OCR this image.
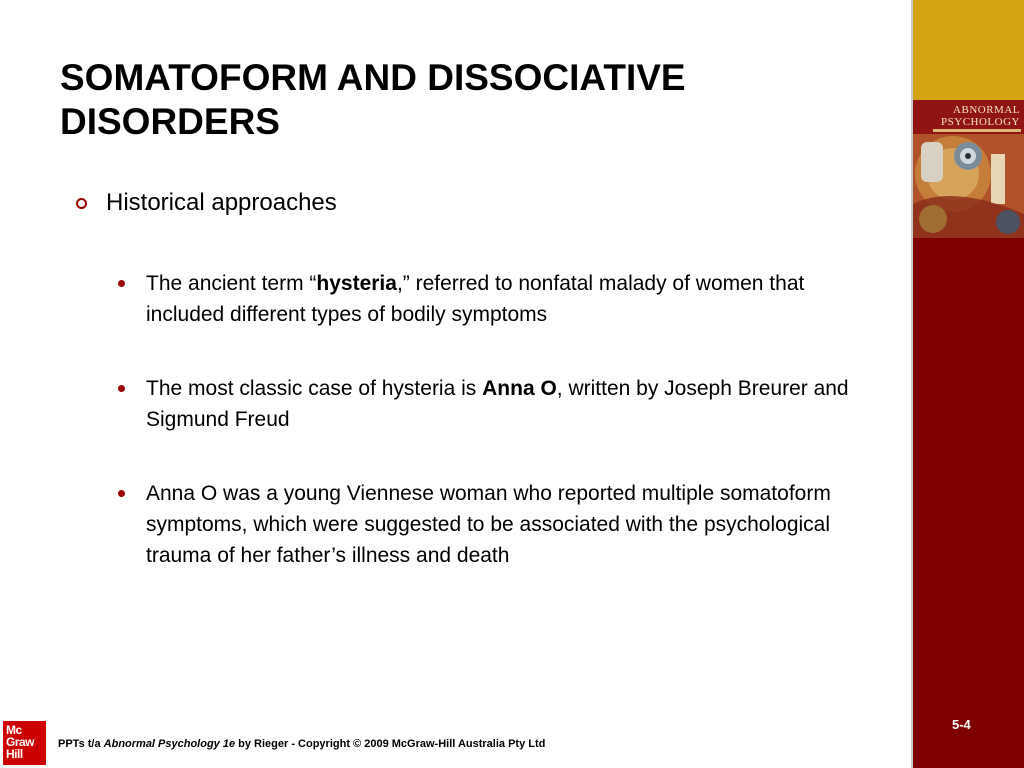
ABNORMAL
PSYCHOLOGY
5-4
SOMATOFORM AND DISSOCIATIVE DISORDERS
Historical approaches
The ancient term “hysteria,” referred to nonfatal malady of women that included different types of bodily symptoms
The most classic case of hysteria is Anna O, written by Joseph Breurer and Sigmund Freud
Anna O was a young Viennese woman who reported multiple somatoform symptoms, which were suggested to be associated with the psychological trauma of her father’s illness and death
Mc
Graw
Hill
PPTs t/a Abnormal Psychology 1e by Rieger - Copyright © 2009 McGraw-Hill Australia Pty Ltd
